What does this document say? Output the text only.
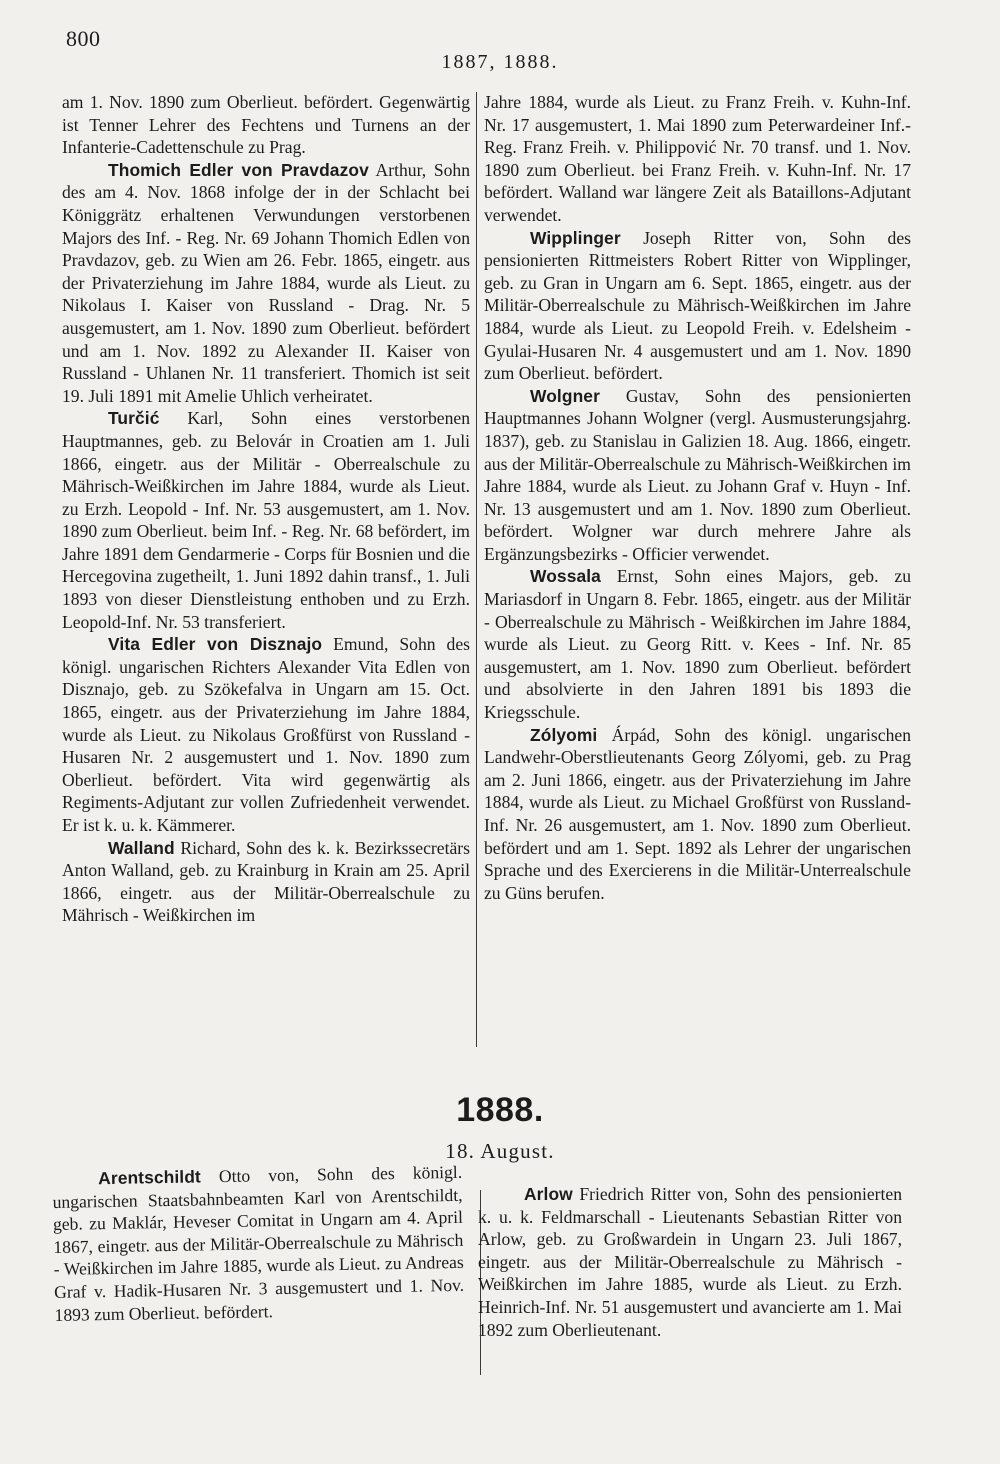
800
1887, 1888.

am 1. Nov. 1890 zum Oberlieut. befördert. Gegenwärtig ist Tenner Lehrer des Fechtens und Turnens an der Infanterie-Cadettenschule zu Prag.

Thomich Edler von Pravdazov Arthur, Sohn des am 4. Nov. 1868 infolge der in der Schlacht bei Königgrätz erhaltenen Verwundungen verstorbenen Majors des Inf. - Reg. Nr. 69 Johann Thomich Edlen von Pravdazov, geb. zu Wien am 26. Febr. 1865, eingetr. aus der Privaterziehung im Jahre 1884, wurde als Lieut. zu Nikolaus I. Kaiser von Russland - Drag. Nr. 5 ausgemustert, am 1. Nov. 1890 zum Oberlieut. befördert und am 1. Nov. 1892 zu Alexander II. Kaiser von Russland - Uhlanen Nr. 11 transferiert. Thomich ist seit 19. Juli 1891 mit Amelie Uhlich verheiratet.

Turčić Karl, Sohn eines verstorbenen Hauptmannes, geb. zu Belovár in Croatien am 1. Juli 1866, eingetr. aus der Militär - Oberrealschule zu Mährisch-Weißkirchen im Jahre 1884, wurde als Lieut. zu Erzh. Leopold - Inf. Nr. 53 ausgemustert, am 1. Nov. 1890 zum Oberlieut. beim Inf. - Reg. Nr. 68 befördert, im Jahre 1891 dem Gendarmerie - Corps für Bosnien und die Hercegovina zugetheilt, 1. Juni 1892 dahin transf., 1. Juli 1893 von dieser Dienstleistung enthoben und zu Erzh. Leopold-Inf. Nr. 53 transferiert.

Vita Edler von Disznajo Emund, Sohn des königl. ungarischen Richters Alexander Vita Edlen von Disznajo, geb. zu Szökefalva in Ungarn am 15. Oct. 1865, eingetr. aus der Privaterziehung im Jahre 1884, wurde als Lieut. zu Nikolaus Großfürst von Russland - Husaren Nr. 2 ausgemustert und 1. Nov. 1890 zum Oberlieut. befördert. Vita wird gegenwärtig als Regiments-Adjutant zur vollen Zufriedenheit verwendet. Er ist k. u. k. Kämmerer.

Walland Richard, Sohn des k. k. Bezirkssecretärs Anton Walland, geb. zu Krainburg in Krain am 25. April 1866, eingetr. aus der Militär-Oberrealschule zu Mährisch - Weißkirchen im

Jahre 1884, wurde als Lieut. zu Franz Freih. v. Kuhn-Inf. Nr. 17 ausgemustert, 1. Mai 1890 zum Peterwardeiner Inf.-Reg. Franz Freih. v. Philippović Nr. 70 transf. und 1. Nov. 1890 zum Oberlieut. bei Franz Freih. v. Kuhn-Inf. Nr. 17 befördert. Walland war längere Zeit als Bataillons-Adjutant verwendet.

Wipplinger Joseph Ritter von, Sohn des pensionierten Rittmeisters Robert Ritter von Wipplinger, geb. zu Gran in Ungarn am 6. Sept. 1865, eingetr. aus der Militär-Oberrealschule zu Mährisch-Weißkirchen im Jahre 1884, wurde als Lieut. zu Leopold Freih. v. Edelsheim - Gyulai-Husaren Nr. 4 ausgemustert und am 1. Nov. 1890 zum Oberlieut. befördert.

Wolgner Gustav, Sohn des pensionierten Hauptmannes Johann Wolgner (vergl. Ausmusterungsjahrg. 1837), geb. zu Stanislau in Galizien 18. Aug. 1866, eingetr. aus der Militär-Oberrealschule zu Mährisch-Weißkirchen im Jahre 1884, wurde als Lieut. zu Johann Graf v. Huyn - Inf. Nr. 13 ausgemustert und am 1. Nov. 1890 zum Oberlieut. befördert. Wolgner war durch mehrere Jahre als Ergänzungsbezirks - Officier verwendet.

Wossala Ernst, Sohn eines Majors, geb. zu Mariasdorf in Ungarn 8. Febr. 1865, eingetr. aus der Militär - Oberrealschule zu Mährisch - Weißkirchen im Jahre 1884, wurde als Lieut. zu Georg Ritt. v. Kees - Inf. Nr. 85 ausgemustert, am 1. Nov. 1890 zum Oberlieut. befördert und absolvierte in den Jahren 1891 bis 1893 die Kriegsschule.

Zólyomi Árpád, Sohn des königl. ungarischen Landwehr-Oberstlieutenants Georg Zólyomi, geb. zu Prag am 2. Juni 1866, eingetr. aus der Privaterziehung im Jahre 1884, wurde als Lieut. zu Michael Großfürst von Russland-Inf. Nr. 26 ausgemustert, am 1. Nov. 1890 zum Oberlieut. befördert und am 1. Sept. 1892 als Lehrer der ungarischen Sprache und des Exercierens in die Militär-Unterrealschule zu Güns berufen.

1888.
18. August.

Arentschildt Otto von, Sohn des königl. ungarischen Staatsbahnbeamten Karl von Arentschildt, geb. zu Maklár, Heveser Comitat in Ungarn am 4. April 1867, eingetr. aus der Militär-Oberrealschule zu Mährisch - Weißkirchen im Jahre 1885, wurde als Lieut. zu Andreas Graf v. Hadik-Husaren Nr. 3 ausgemustert und 1. Nov. 1893 zum Oberlieut. befördert.

Arlow Friedrich Ritter von, Sohn des pensionierten k. u. k. Feldmarschall - Lieutenants Sebastian Ritter von Arlow, geb. zu Großwardein in Ungarn 23. Juli 1867, eingetr. aus der Militär-Oberrealschule zu Mährisch - Weißkirchen im Jahre 1885, wurde als Lieut. zu Erzh. Heinrich-Inf. Nr. 51 ausgemustert und avancierte am 1. Mai 1892 zum Oberlieutenant.
